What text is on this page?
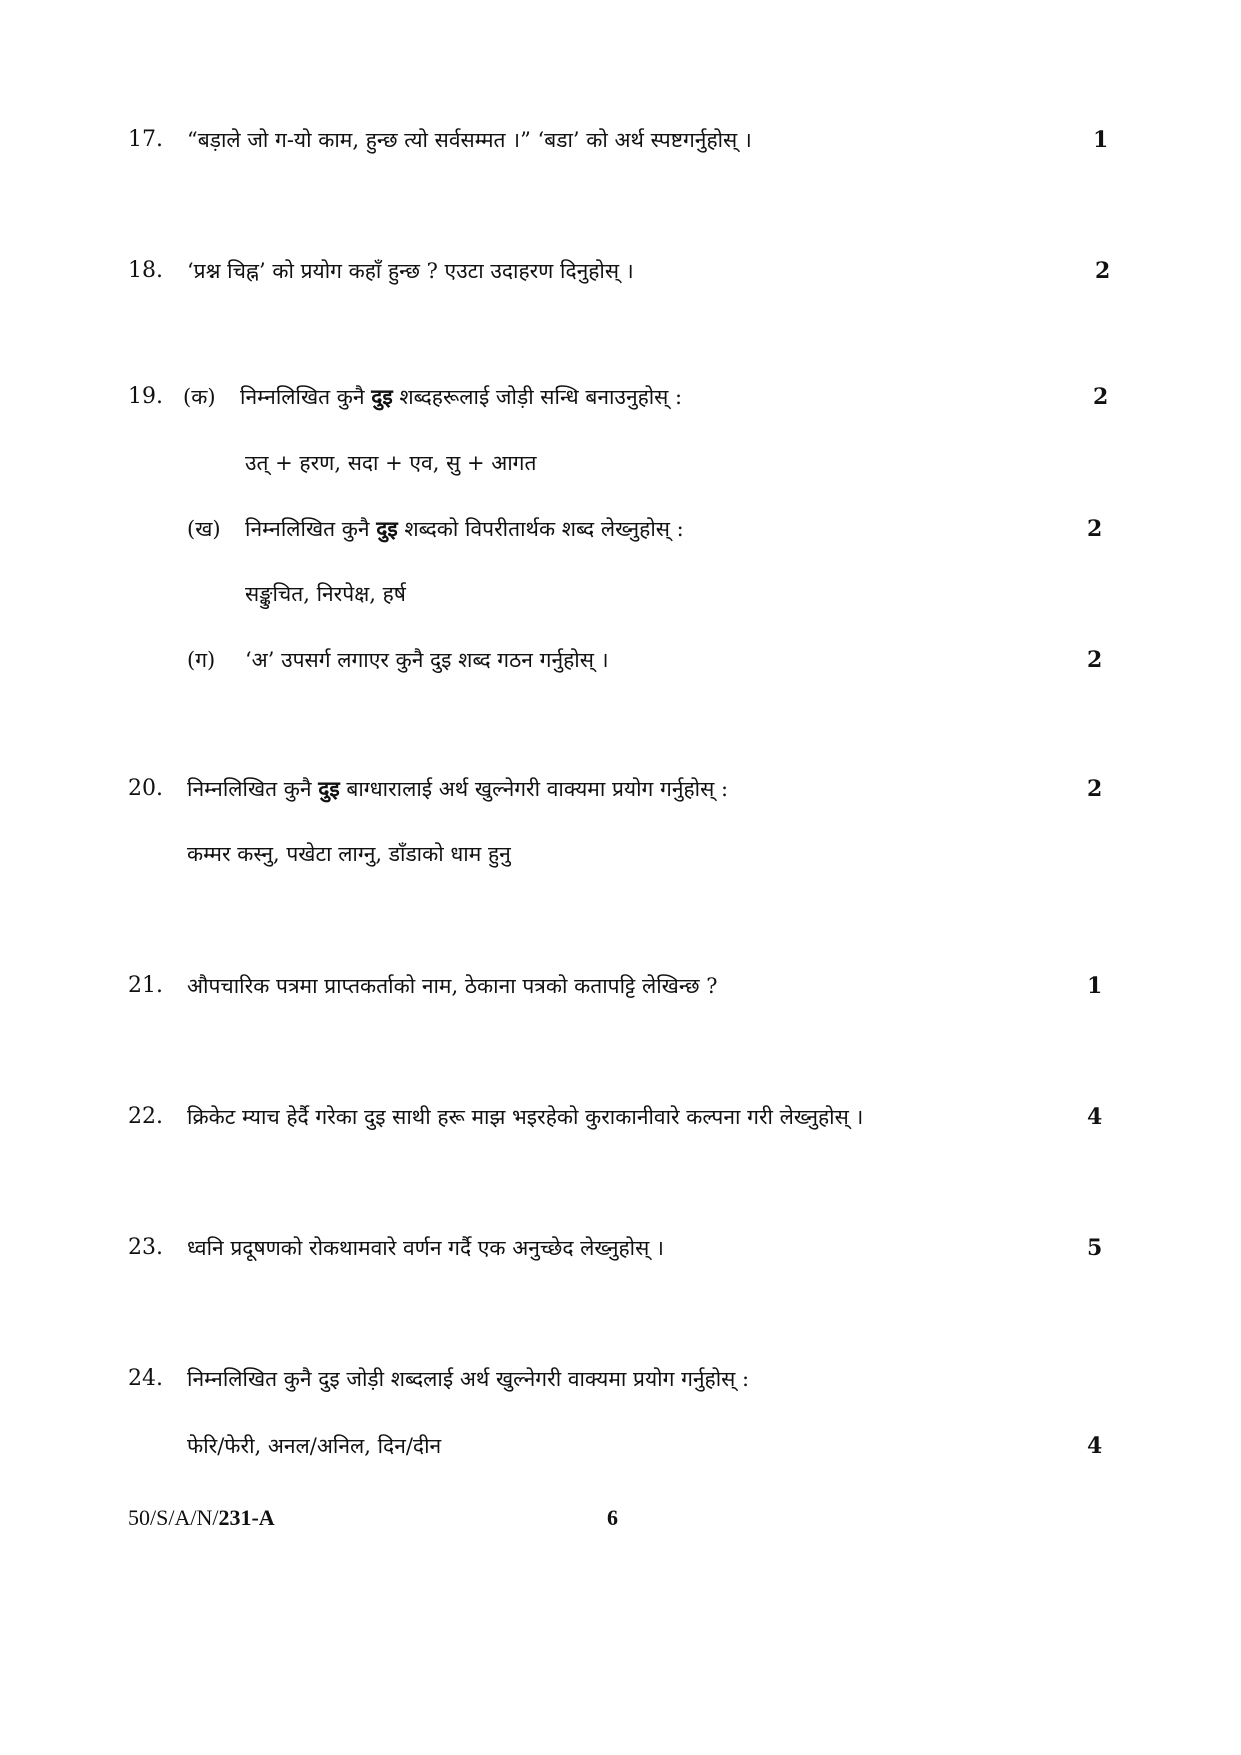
17. “बड़ाले जो ग-यो काम, हुन्छ त्यो सर्वसम्मत ।” ‘बडा’ को अर्थ स्पष्टगर्नुहोस् ।	1
18. ‘प्रश्न चिह्न’ को प्रयोग कहाँ हुन्छ ? एउटा उदाहरण दिनुहोस् ।	2
19. (क) निम्नलिखित कुनै दुइ शब्दहरूलाई जोड़ी सन्धि बनाउनुहोस् :	2
उत् + हरण, सदा + एव, सु + आगत
(ख) निम्नलिखित कुनै दुइ शब्दको विपरीतार्थक शब्द लेख्नुहोस् :	2
सङ्कुचित, निरपेक्ष, हर्ष
(ग) ‘अ’ उपसर्ग लगाएर कुनै दुइ शब्द गठन गर्नुहोस् ।	2
20. निम्नलिखित कुनै दुइ बाग्धारालाई अर्थ खुल्नेगरी वाक्यमा प्रयोग गर्नुहोस् :	2
कम्मर कस्नु, पखेटा लाग्नु, डाँडाको धाम हुनु
21. औपचारिक पत्रमा प्राप्तकर्ताको नाम, ठेकाना पत्रको कतापट्टि लेखिन्छ ?	1
22. क्रिकेट म्याच हेर्दै गरेका दुइ साथी हरू माझ भइरहेको कुराकानीवारे कल्पना गरी लेख्नुहोस् ।	4
23. ध्वनि प्रदूषणको रोकथामवारे वर्णन गर्दै एक अनुच्छेद लेख्नुहोस् ।	5
24. निम्नलिखित कुनै दुइ जोड़ी शब्दलाई अर्थ खुल्नेगरी वाक्यमा प्रयोग गर्नुहोस् :
फेरि/फेरी, अनल/अनिल, दिन/दीन	4
50/S/A/N/231-A	6
